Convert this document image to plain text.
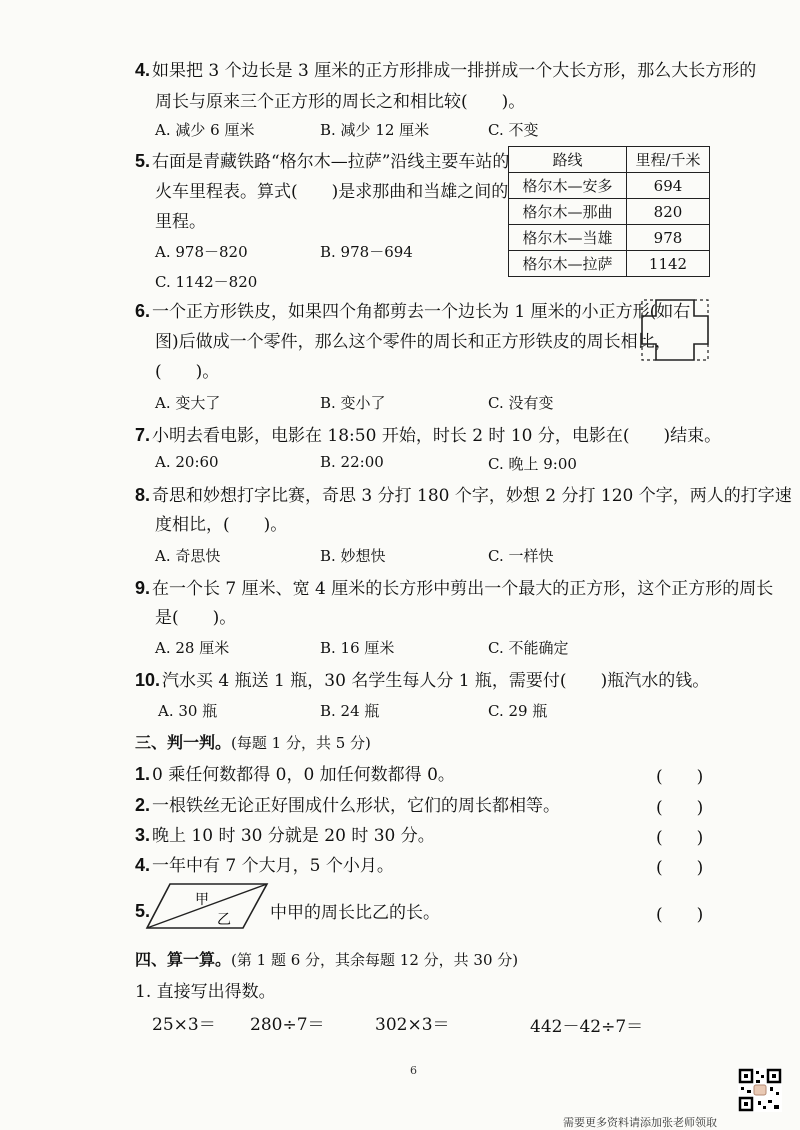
4. 如果把 3 个边长是 3 厘米的正方形排成一排拼成一个大长方形，那么大长方形的
周长与原来三个正方形的周长之和相比较(　　)。
A. 减少 6 厘米	B. 减少 12 厘米	C. 不变
5. 右面是青藏铁路“格尔木—拉萨”沿线主要车站的
火车里程表。算式(　　)是求那曲和当雄之间的
里程。
A. 978－820	B. 978－694
C. 1142－820
路线	里程/千米
格尔木—安多	694
格尔木—那曲	820
格尔木—当雄	978
格尔木—拉萨	1142
6. 一个正方形铁皮，如果四个角都剪去一个边长为 1 厘米的小正方形(如右
图)后做成一个零件，那么这个零件的周长和正方形铁皮的周长相比，
(　　)。
A. 变大了	B. 变小了	C. 没有变
7. 小明去看电影，电影在 18:50 开始，时长 2 时 10 分，电影在(　　)结束。
A. 20:60	B. 22:00	C. 晚上 9:00
8. 奇思和妙想打字比赛，奇思 3 分打 180 个字，妙想 2 分打 120 个字，两人的打字速
度相比，(　　)。
A. 奇思快	B. 妙想快	C. 一样快
9. 在一个长 7 厘米、宽 4 厘米的长方形中剪出一个最大的正方形，这个正方形的周长
是(　　)。
A. 28 厘米	B. 16 厘米	C. 不能确定
10. 汽水买 4 瓶送 1 瓶，30 名学生每人分 1 瓶，需要付(　　)瓶汽水的钱。
A. 30 瓶	B. 24 瓶	C. 29 瓶
三、判一判。(每题 1 分，共 5 分)
1. 0 乘任何数都得 0，0 加任何数都得 0。	(　　)
2. 一根铁丝无论正好围成什么形状，它们的周长都相等。	(　　)
3. 晚上 10 时 30 分就是 20 时 30 分。	(　　)
4. 一年中有 7 个大月，5 个小月。	(　　)
5.
甲
乙 中甲的周长比乙的长。	(　　)
四、算一算。(第 1 题 6 分，其余每题 12 分，共 30 分)
1. 直接写出得数。
25×3＝ 280÷7＝	302×3＝	442－42÷7＝
6
需要更多资料请添加张老师领取
